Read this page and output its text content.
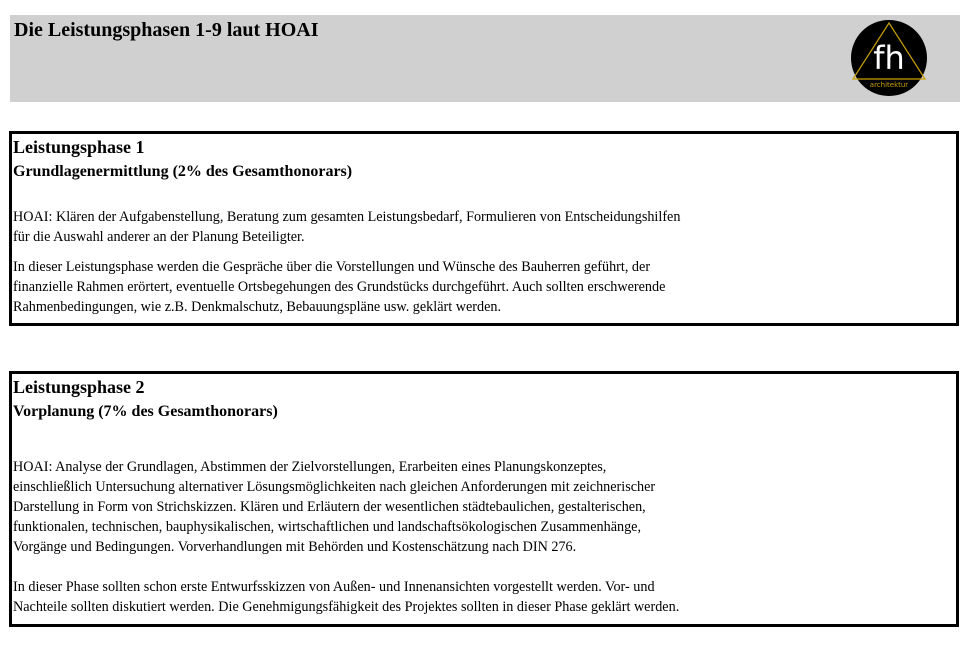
Die Leistungsphasen 1-9 laut HOAI
fh
architektur
Leistungsphase 1
Grundlagenermittlung (2% des Gesamthonorars)

HOAI: Klären der Aufgabenstellung, Beratung zum gesamten Leistungsbedarf, Formulieren von Entscheidungshilfen
für die Auswahl anderer an der Planung Beteiligter.

In dieser Leistungsphase werden die Gespräche über die Vorstellungen und Wünsche des Bauherren geführt, der
finanzielle Rahmen erörtert, eventuelle Ortsbegehungen des Grundstücks durchgeführt. Auch sollten erschwerende
Rahmenbedingungen, wie z.B. Denkmalschutz, Bebauungspläne usw. geklärt werden.

Leistungsphase 2
Vorplanung (7% des Gesamthonorars)

HOAI: Analyse der Grundlagen, Abstimmen der Zielvorstellungen, Erarbeiten eines Planungskonzeptes,
einschließlich Untersuchung alternativer Lösungsmöglichkeiten nach gleichen Anforderungen mit zeichnerischer
Darstellung in Form von Strichskizzen. Klären und Erläutern der wesentlichen städtebaulichen, gestalterischen,
funktionalen, technischen, bauphysikalischen, wirtschaftlichen und landschaftsökologischen Zusammenhänge,
Vorgänge und Bedingungen. Vorverhandlungen mit Behörden und Kostenschätzung nach DIN 276.

In dieser Phase sollten schon erste Entwurfsskizzen von Außen- und Innenansichten vorgestellt werden. Vor- und
Nachteile sollten diskutiert werden. Die Genehmigungsfähigkeit des Projektes sollten in dieser Phase geklärt werden.
